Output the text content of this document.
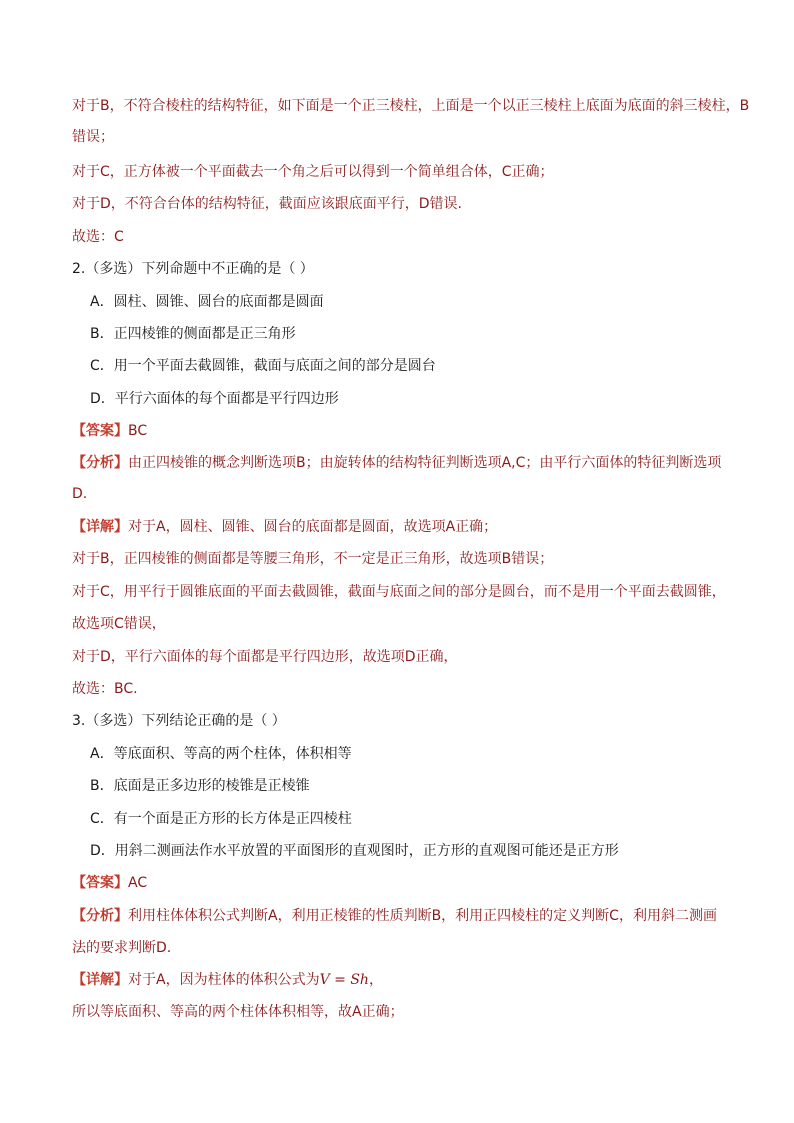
对于B，不符合棱柱的结构特征，如下面是一个正三棱柱，上面是一个以正三棱柱上底面为底面的斜三棱柱，B
错误；
对于C，正方体被一个平面截去一个角之后可以得到一个简单组合体，C正确；
对于D，不符合台体的结构特征，截面应该跟底面平行，D错误.
故选：C
2.（多选）下列命题中不正确的是（ ）
A．圆柱、圆锥、圆台的底面都是圆面
B．正四棱锥的侧面都是正三角形
C．用一个平面去截圆锥，截面与底面之间的部分是圆台
D．平行六面体的每个面都是平行四边形
【答案】BC
【分析】由正四棱锥的概念判断选项B；由旋转体的结构特征判断选项A,C；由平行六面体的特征判断选项
D.
【详解】对于A，圆柱、圆锥、圆台的底面都是圆面，故选项A正确；
对于B，正四棱锥的侧面都是等腰三角形，不一定是正三角形，故选项B错误；
对于C，用平行于圆锥底面的平面去截圆锥，截面与底面之间的部分是圆台，而不是用一个平面去截圆锥，
故选项C错误，
对于D，平行六面体的每个面都是平行四边形，故选项D正确，
故选：BC.
3.（多选）下列结论正确的是（ ）
A．等底面积、等高的两个柱体，体积相等
B．底面是正多边形的棱锥是正棱锥
C．有一个面是正方形的长方体是正四棱柱
D．用斜二测画法作水平放置的平面图形的直观图时，正方形的直观图可能还是正方形
【答案】AC
【分析】利用柱体体积公式判断A，利用正棱锥的性质判断B，利用正四棱柱的定义判断C，利用斜二测画
法的要求判断D.
【详解】对于A，因为柱体的体积公式为V = Sh，
所以等底面积、等高的两个柱体体积相等，故A正确；
